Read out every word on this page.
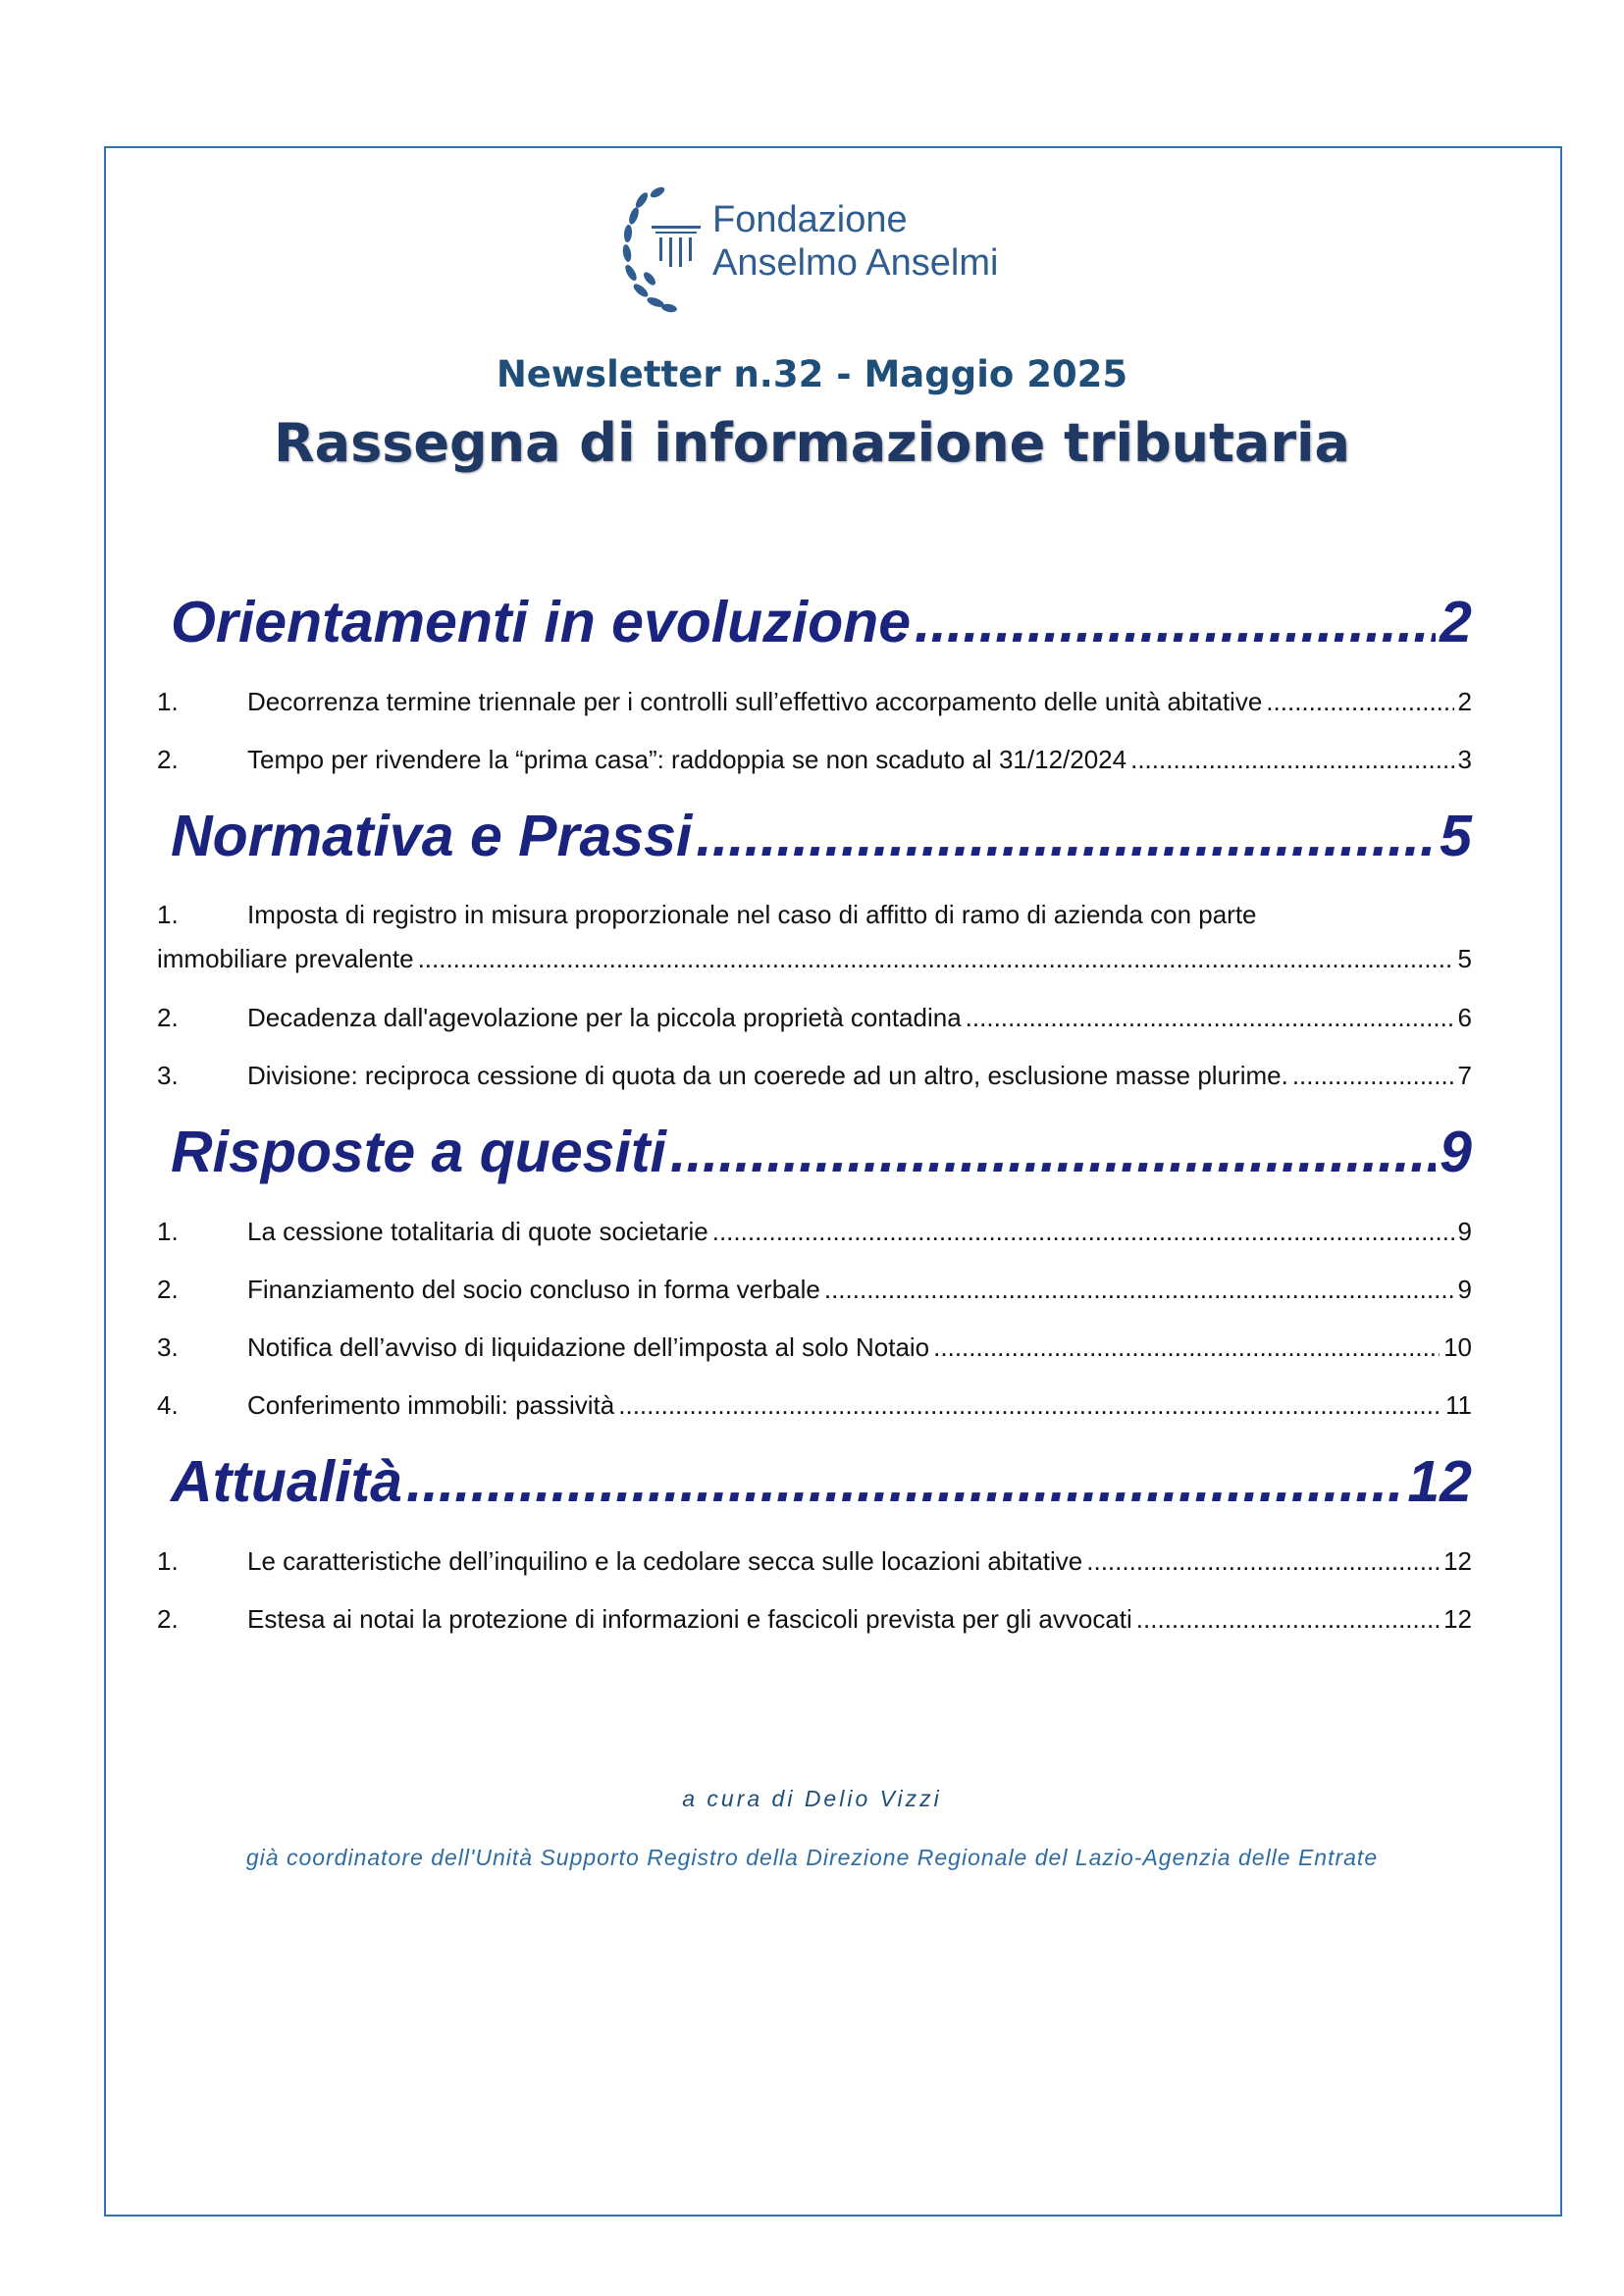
Fondazione
Anselmo Anselmi
Newsletter n.32 - Maggio 2025
Rassegna di informazione tributaria
Orientamenti in evoluzione .....	2
1.	Decorrenza termine triennale per i controlli sull’effettivo accorpamento delle unità abitative .....	2
2.	Tempo per rivendere la “prima casa”: raddoppia se non scaduto al 31/12/2024 .....	3
Normativa e Prassi .....	5
1.	Imposta di registro in misura proporzionale nel caso di affitto di ramo di azienda con parte
immobiliare prevalente .....	5
2.	Decadenza dall'agevolazione per la piccola proprietà contadina .....	6
3.	Divisione: reciproca cessione di quota da un coerede ad un altro, esclusione masse plurime. .....	7
Risposte a quesiti .....	9
1.	La cessione totalitaria di quote societarie .....	9
2.	Finanziamento del socio concluso in forma verbale .....	9
3.	Notifica dell’avviso di liquidazione dell’imposta al solo Notaio .....	10
4.	Conferimento immobili: passività .....	11
Attualità .....	12
1.	Le caratteristiche dell’inquilino e la cedolare secca sulle locazioni abitative .....	12
2.	Estesa ai notai la protezione di informazioni e fascicoli prevista per gli avvocati .....	12
a cura di Delio Vizzi
già coordinatore dell'Unità Supporto Registro della Direzione Regionale del Lazio-Agenzia delle Entrate
